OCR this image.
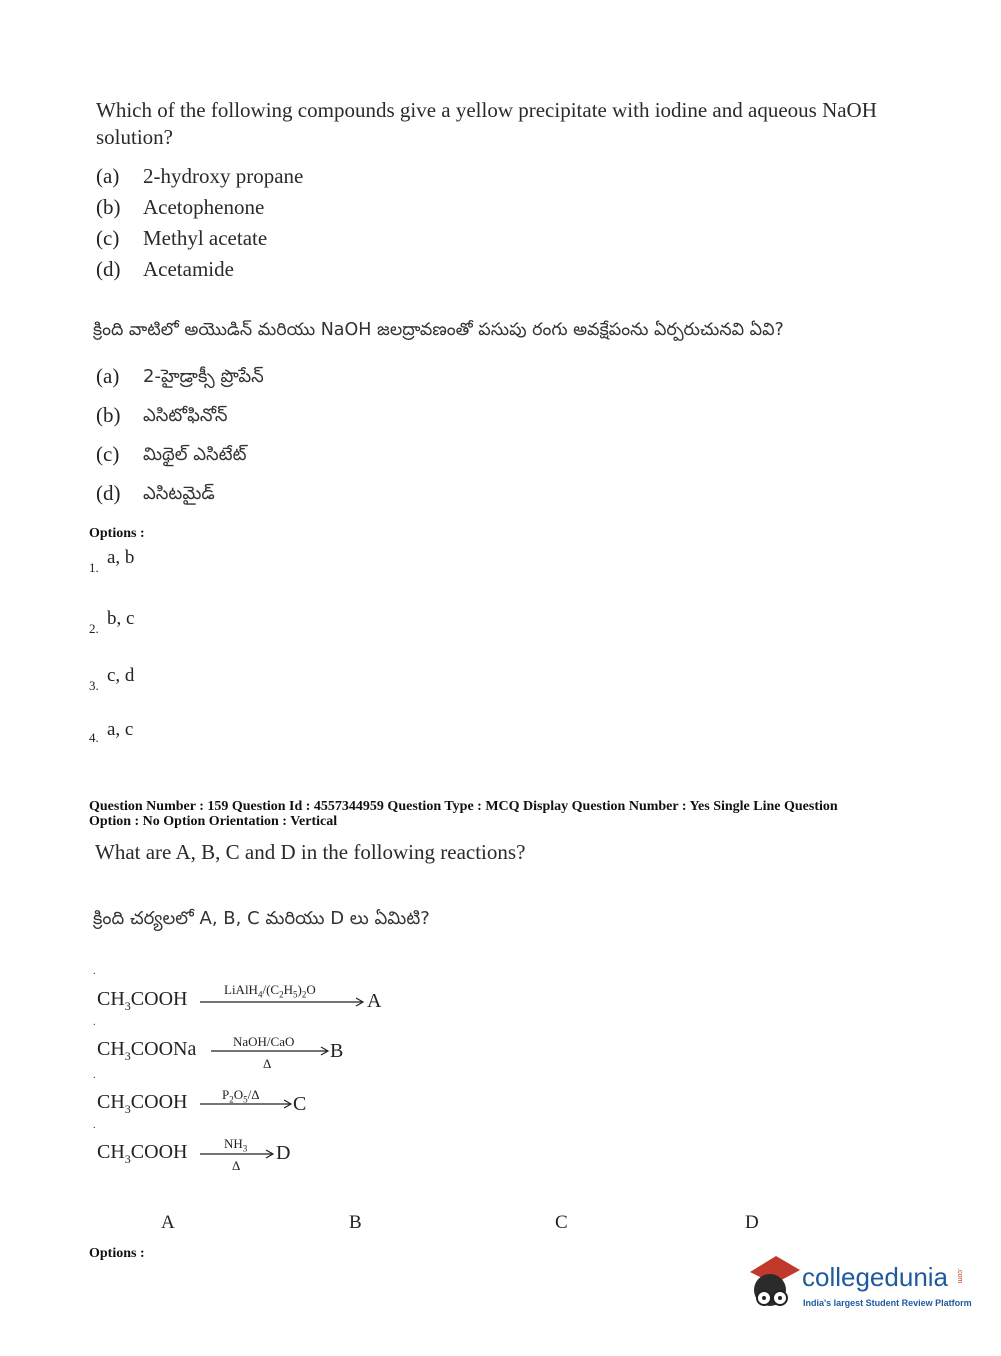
Which of the following compounds give a yellow precipitate with iodine and aqueous NaOH
solution?
(a) 2-hydroxy propane
(b) Acetophenone
(c) Methyl acetate
(d) Acetamide
క్రింది వాటిలో అయొడిన్ మరియు NaOH జలద్రావణంతో పసుపు రంగు అవక్షేపంను ఏర్పరుచునవి ఏవి?
(a) 2-హైడ్రాక్సీ ప్రొపేన్
(b) ఎసిటోఫినోన్
(c) మిథైల్ ఎసిటేట్
(d) ఎసిటమైడ్
Options :
1. a, b
2. b, c
3. c, d
4. a, c
Question Number : 159 Question Id : 4557344959 Question Type : MCQ Display Question Number : Yes Single Line Question
Option : No Option Orientation : Vertical
What are A, B, C and D in the following reactions?
క్రింది చర్యలలో A, B, C మరియు D లు ఏమిటి?
.
$CH_3COOH$	$LiAlH_4/(C_2H_5)_2O$
A
.
$CH_3COONa$	NaOH/CaO
Δ
B
.
$CH_3COOH$	$P_2O_5/\Delta$ C
.
$CH_3COOH$	$NH_3$
Δ
D
A	B	C	D
Options :
collegedunia .com
India's largest Student Review Platform
